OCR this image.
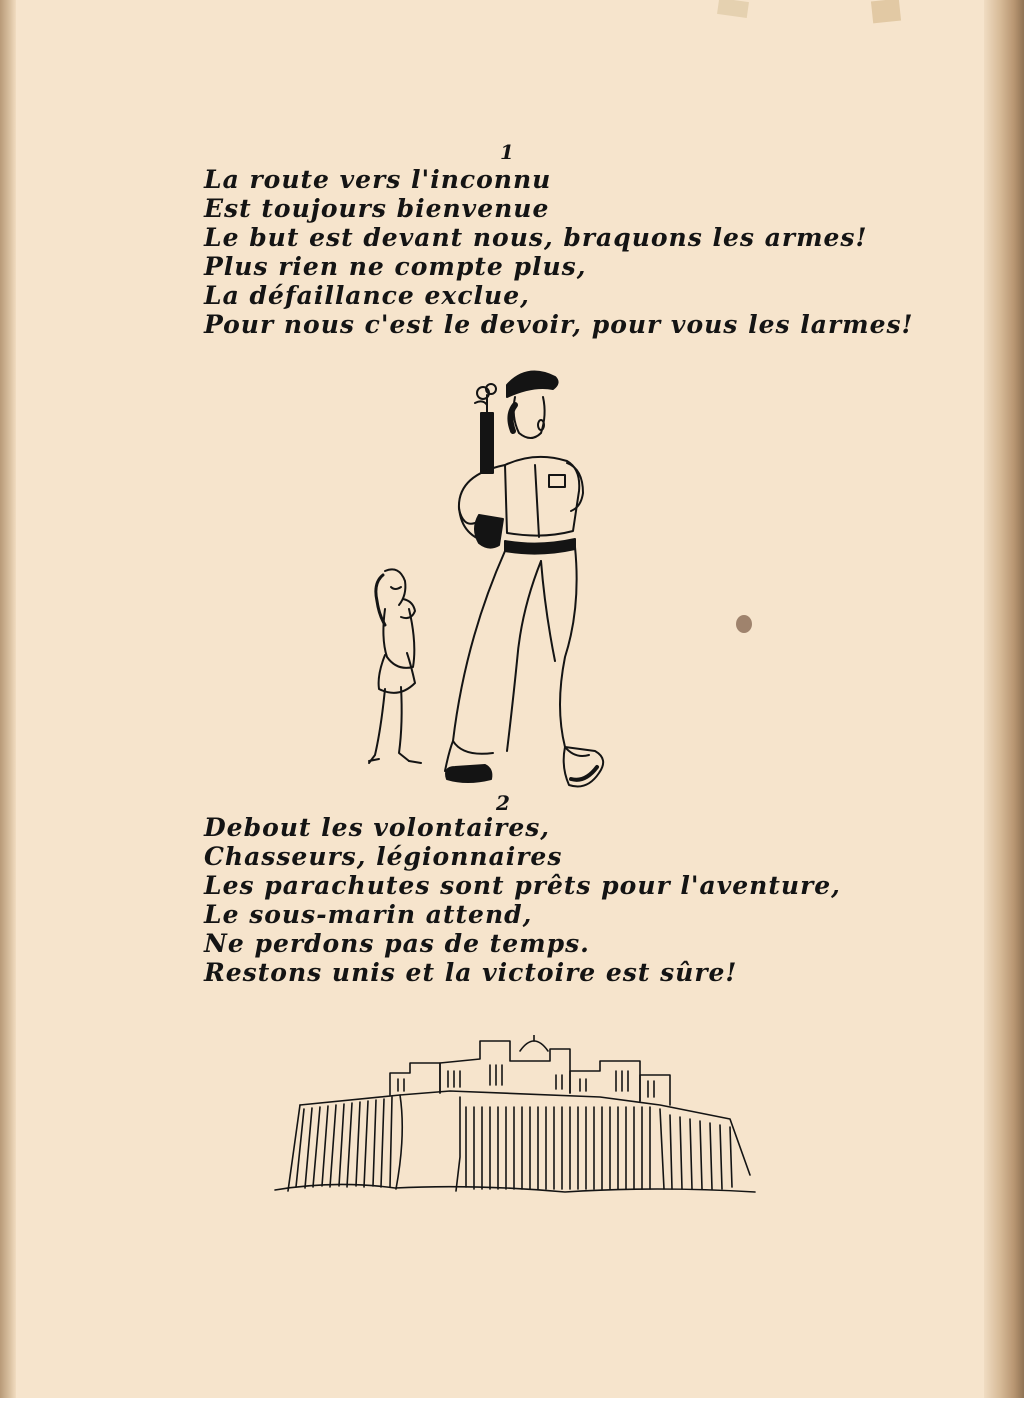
1
La route vers l'inconnu
Est toujours bienvenue
Le but est devant nous, braquons les armes!
Plus rien ne compte plus,
La défaillance exclue,
Pour nous c'est le devoir, pour vous les larmes!
2
Debout les volontaires,
Chasseurs, légionnaires
Les parachutes sont prêts pour l'aventure,
Le sous-marin attend,
Ne perdons pas de temps.
Restons unis et la victoire est sûre!
